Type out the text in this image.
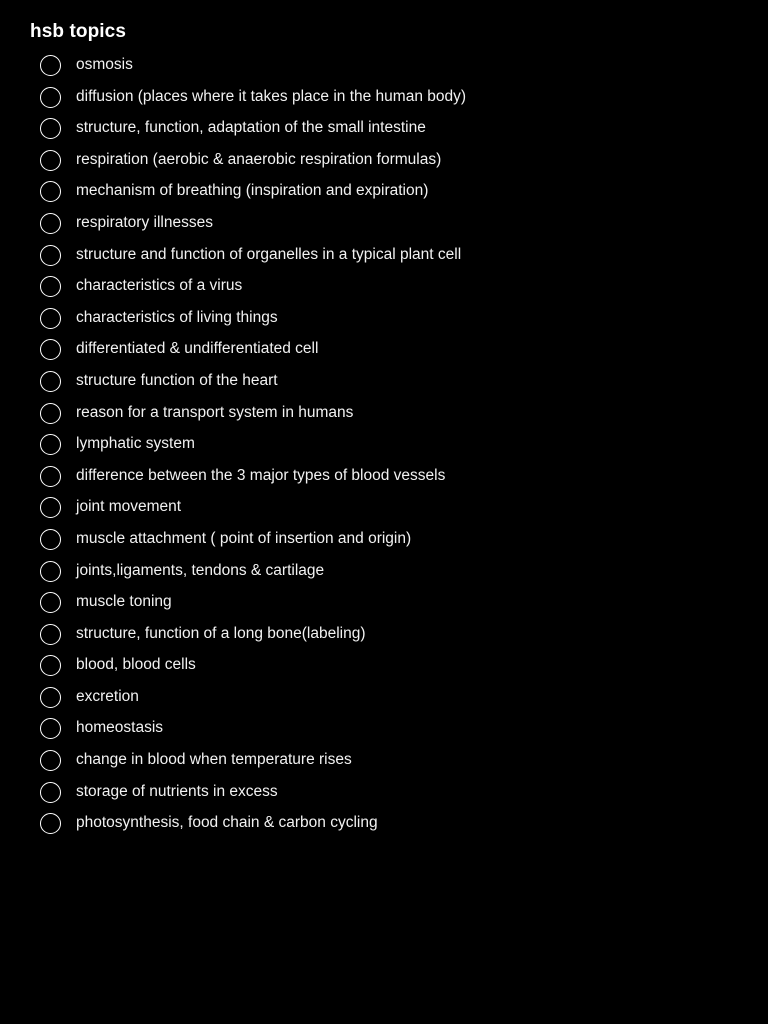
hsb topics
osmosis
diffusion (places where it takes place in the human body)
structure, function, adaptation of the small intestine
respiration (aerobic & anaerobic respiration formulas)
mechanism of breathing (inspiration and expiration)
respiratory illnesses
structure and function of organelles in a typical plant cell
characteristics of a virus
characteristics of living things
differentiated & undifferentiated cell
structure function of the heart
reason for a transport system in humans
lymphatic system
difference between the 3 major types of blood vessels
joint movement
muscle attachment ( point of insertion and origin)
joints,ligaments, tendons & cartilage
muscle toning
structure, function of a long bone(labeling)
blood, blood cells
excretion
homeostasis
change in blood when temperature rises
storage of nutrients in excess
photosynthesis, food chain & carbon cycling
